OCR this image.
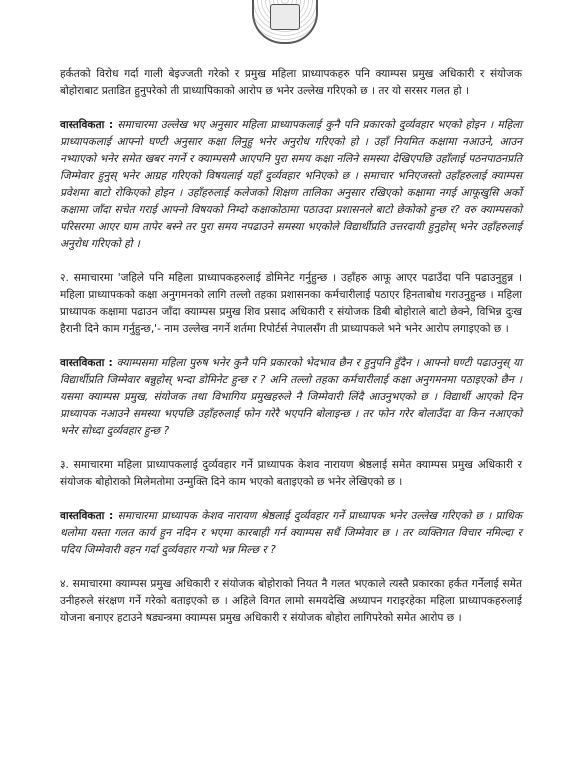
हर्कतको विरोध गर्दा गाली बेइज्जती गरेको र प्रमुख महिला प्राध्यापकहरु पनि क्याम्पस प्रमुख अधिकारी र संयोजक बोहोराबाट प्रताडित हुनुपरेको ती प्राध्यापिकाको आरोप छ भनेर उल्लेख गरिएको छ । तर यो सरसर गलत हो ।

वास्तविकता : समाचारमा उल्लेख भए अनुसार महिला प्राध्यापकलाई कुनै पनि प्रकारको दुर्व्यवहार भएको होइन । महिला प्राध्यापकलाई आफ्नो घण्टी अनुसार कक्षा लिनुहु भनेर अनुरोध गरिएको हो । उहाँ नियमित कक्षामा नआउने, आउन नभ्याएको भनेर समेत खबर नगर्ने र क्याम्पसमै आएपनि पुरा समय कक्षा नलिने समस्या देखिएपछि उहाँलाई पठनपाठनप्रति जिम्मेवार हुनुस् भनेर आग्रह गरिएको विषयलाई यहाँ दुर्व्यवहार भनिएको छ । समाचार भनिएजस्तो उहाँहरुलाई क्याम्पस प्रवेशमा बाटो रोकिएको होइन । उहाँहरुलाई कलेजको शिक्षण तालिका अनुसार रखिएको कक्षामा नगई आफूखुसि अर्को कक्षामा जाँदा सचेत गराई आफ्नो विषयको निम्दो कक्षाकोठामा पठाउदा प्रशासनले बाटो छेकोको हुन्छ र? वरु क्याम्पसको परिसरमा आएर घाम तापेर बस्ने तर पुरा समय नपढाउने समस्या भएकोले विद्यार्थीप्रति उत्तरदायी हुनुहोस् भनेर उहाँहरुलाई अनुरोध गरिएको हो ।

२. समाचारमा 'जहिले पनि महिला प्राध्यापकहरुलाई डोमिनेट गर्नुहुन्छ । उहाँहरु आफू आएर पढाउँदा पनि पढाउनुहुन्न । महिला प्राध्यापकको कक्षा अनुगमनको लागि तल्लो तहका प्रशासनका कर्मचारीलाई पठाएर हिनताबोध गराउनुहुन्छ । महिला प्राध्यापक कक्षामा पढाउन जाँदा क्याम्पस प्रमुख शिव प्रसाद अधिकारी र संयोजक डिबी बोहोराले बाटो छेक्ने, विभिन्न दुःख हैरानी दिने काम गर्नुहुन्छ,'- नाम उल्लेख नगर्ने शर्तमा रिपोर्टर्स नेपालसँग ती प्राध्यापकले भने भनेर आरोप लगाइएको छ ।

वास्तविकता : क्याम्पसमा महिला पुरुष भनेर कुनै पनि प्रकारको भेदभाव छैन र हुनुपनि हुँदैन । आफ्नो घण्टी पढाउनुस् या विद्यार्थीप्रति जिम्मेवार बन्नुहोस् भन्दा डोमिनेट हुन्छ र ? अनि तल्लो तहका कर्मचारीलाई कक्षा अनुगमनमा पठाइएको छैन । यसमा क्याम्पस प्रमुख, संयोजक तथा विभागिय प्रमुखहरुले नै जिम्मेवारी लिंदै आउनुभएको छ । विद्यार्थी आएको दिन प्राध्यापक नआउने समस्या भएपछि उहाँहरुलाई फोन गरेरै भएपनि बोलाइन्छ । तर फोन गरेर बोलाउँदा वा किन नआएको भनेर सोध्दा दुर्व्यवहार हुन्छ ?

३. समाचारमा महिला प्राध्यापकलाई दुर्व्यवहार गर्ने प्राध्यापक केशव नारायण श्रेष्ठलाई समेत क्याम्पस प्रमुख अधिकारी र संयोजक बोहोराको मिलेमतोमा उन्मुक्ति दिने काम भएको बताइएको छ भनेर लेखिएको छ ।

वास्तविकता : समाचारमा प्राध्यापक केशव नारायण श्रेष्ठलाई दुर्व्यवहार गर्ने प्राध्यापक भनेर उल्लेख गरिएको छ । प्राथिक थलोमा यस्ता गलत कार्य हुन नदिन र भएमा कारबाही गर्न क्याम्पस सधैं जिम्मेवार छ । तर व्यक्तिगत विचार नमिल्दा र पदिय जिम्मेवारी वहन गर्दा दुर्व्यवहार गर्‍यो भन्न मिल्छ र ?

४. समाचारमा क्याम्पस प्रमुख अधिकारी र संयोजक बोहोराको नियत नै गलत भएकाले त्यस्तै प्रकारका हर्कत गर्नेलाई समेत उनीहरुले संरक्षण गर्ने गरेको बताइएको छ । अहिले विगत लामो समयदेखि अध्यापन गराइरहेका महिला प्राध्यापकहरुलाई योजना बनाएर हटाउने षड्यन्त्रमा क्याम्पस प्रमुख अधिकारी र संयोजक बोहोरा लागिपरेको समेत आरोप छ ।
